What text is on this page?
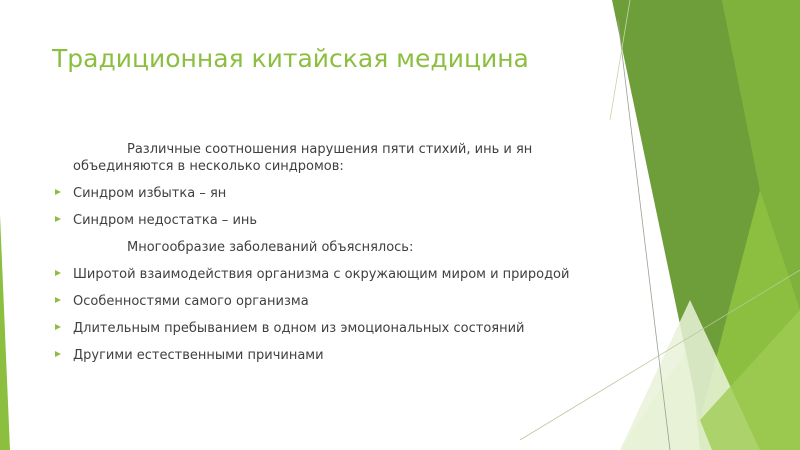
Традиционная китайская медицина

Различные соотношения нарушения пяти стихий, инь и ян объединяются в несколько синдромов:

Синдром избытка – ян
Синдром недостатка – инь

Многообразие заболеваний объяснялось:

Широтой взаимодействия организма с окружающим миром и природой
Особенностями самого организма
Длительным пребыванием в одном из эмоциональных состояний
Другими естественными причинами
